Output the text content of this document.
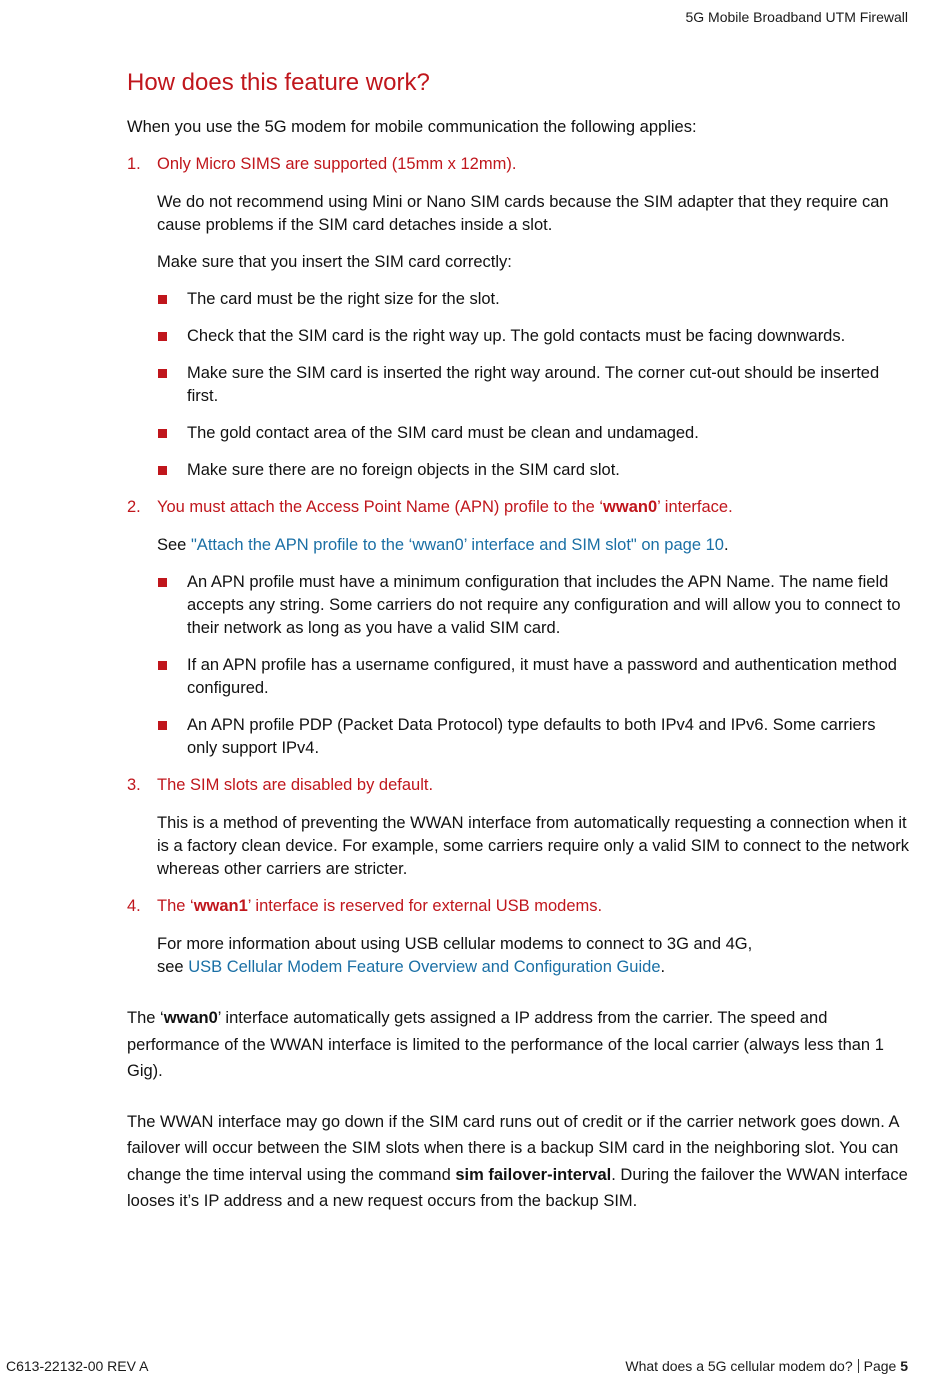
5G Mobile Broadband UTM Firewall
How does this feature work?

When you use the 5G modem for mobile communication the following applies:

1. Only Micro SIMS are supported (15mm x 12mm).

We do not recommend using Mini or Nano SIM cards because the SIM adapter that they require can cause problems if the SIM card detaches inside a slot.

Make sure that you insert the SIM card correctly:

The card must be the right size for the slot.
Check that the SIM card is the right way up. The gold contacts must be facing downwards.
Make sure the SIM card is inserted the right way around. The corner cut-out should be inserted first.
The gold contact area of the SIM card must be clean and undamaged.
Make sure there are no foreign objects in the SIM card slot.

2. You must attach the Access Point Name (APN) profile to the ‘wwan0’ interface.

See "Attach the APN profile to the ‘wwan0’ interface and SIM slot" on page 10.

An APN profile must have a minimum configuration that includes the APN Name. The name field accepts any string. Some carriers do not require any configuration and will allow you to connect to their network as long as you have a valid SIM card.
If an APN profile has a username configured, it must have a password and authentication method configured.
An APN profile PDP (Packet Data Protocol) type defaults to both IPv4 and IPv6. Some carriers only support IPv4.

3. The SIM slots are disabled by default.

This is a method of preventing the WWAN interface from automatically requesting a connection when it is a factory clean device. For example, some carriers require only a valid SIM to connect to the network whereas other carriers are stricter.

4. The ‘wwan1’ interface is reserved for external USB modems.

For more information about using USB cellular modems to connect to 3G and 4G,
see USB Cellular Modem Feature Overview and Configuration Guide.

The ‘wwan0’ interface automatically gets assigned a IP address from the carrier. The speed and performance of the WWAN interface is limited to the performance of the local carrier (always less than 1 Gig).

The WWAN interface may go down if the SIM card runs out of credit or if the carrier network goes down. A failover will occur between the SIM slots when there is a backup SIM card in the neighboring slot. You can change the time interval using the command sim failover-interval. During the failover the WWAN interface looses it’s IP address and a new request occurs from the backup SIM.

C613-22132-00 REV A	What does a 5G cellular modem do? Page 5
